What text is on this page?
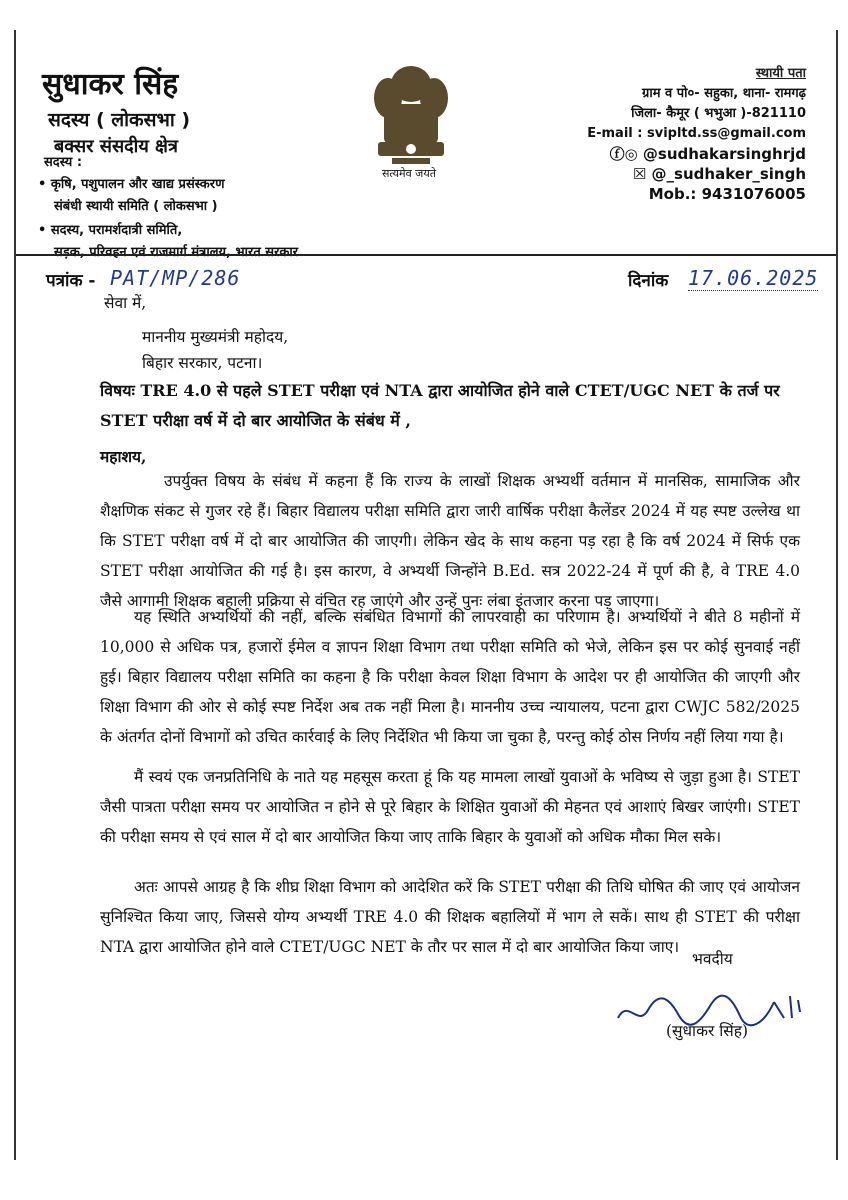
सुधाकर सिंह
सदस्य ( लोकसभा )
बक्सर संसदीय क्षेत्र
सदस्य :
• कृषि, पशुपालन और खाद्य प्रसंस्करण
संबंधी स्थायी समिति ( लोकसभा )
• सदस्य, परामर्शदात्री समिति,
सड़क, परिवहन एवं राजमार्ग मंत्रालय, भारत सरकार
सत्यमेव जयते
स्थायी पता
ग्राम व पो०- सहुका, थाना- रामगढ़
जिला- कैमूर ( भभुआ )-821110
E-mail : svipltd.ss@gmail.com
ⓕ◎ @sudhakarsinghrjd
☒ @_sudhaker_singh
Mob.: 9431076005
पत्रांक - PAT/MP/286	दिनांक 17.06.2025
सेवा में,
माननीय मुख्यमंत्री महोदय,
बिहार सरकार, पटना।
विषयः TRE 4.0 से पहले STET परीक्षा एवं NTA द्वारा आयोजित होने वाले CTET/UGC NET के तर्ज पर STET परीक्षा वर्ष में दो बार आयोजित के संबंध में ,
महाशय,
उपर्युक्त विषय के संबंध में कहना हैं कि राज्य के लाखों शिक्षक अभ्यर्थी वर्तमान में मानसिक, सामाजिक और शैक्षणिक संकट से गुजर रहे हैं। बिहार विद्यालय परीक्षा समिति द्वारा जारी वार्षिक परीक्षा कैलेंडर 2024 में यह स्पष्ट उल्लेख था कि STET परीक्षा वर्ष में दो बार आयोजित की जाएगी। लेकिन खेद के साथ कहना पड़ रहा है कि वर्ष 2024 में सिर्फ एक STET परीक्षा आयोजित की गई है। इस कारण, वे अभ्यर्थी जिन्होंने B.Ed. सत्र 2022-24 में पूर्ण की है, वे TRE 4.0 जैसे आगामी शिक्षक बहाली प्रक्रिया से वंचित रह जाएंगे और उन्हें पुनः लंबा इंतजार करना पड़ जाएगा।
यह स्थिति अभ्यर्थियों की नहीं, बल्कि संबंधित विभागों की लापरवाही का परिणाम है। अभ्यर्थियों ने बीते 8 महीनों में 10,000 से अधिक पत्र, हजारों ईमेल व ज्ञापन शिक्षा विभाग तथा परीक्षा समिति को भेजे, लेकिन इस पर कोई सुनवाई नहीं हुई। बिहार विद्यालय परीक्षा समिति का कहना है कि परीक्षा केवल शिक्षा विभाग के आदेश पर ही आयोजित की जाएगी और शिक्षा विभाग की ओर से कोई स्पष्ट निर्देश अब तक नहीं मिला है। माननीय उच्च न्यायालय, पटना द्वारा CWJC 582/2025 के अंतर्गत दोनों विभागों को उचित कार्रवाई के लिए निर्देशित भी किया जा चुका है, परन्तु कोई ठोस निर्णय नहीं लिया गया है।
मैं स्वयं एक जनप्रतिनिधि के नाते यह महसूस करता हूं कि यह मामला लाखों युवाओं के भविष्य से जुड़ा हुआ है। STET जैसी पात्रता परीक्षा समय पर आयोजित न होने से पूरे बिहार के शिक्षित युवाओं की मेहनत एवं आशाएं बिखर जाएंगी। STET की परीक्षा समय से एवं साल में दो बार आयोजित किया जाए ताकि बिहार के युवाओं को अधिक मौका मिल सके।
अतः आपसे आग्रह है कि शीघ्र शिक्षा विभाग को आदेशित करें कि STET परीक्षा की तिथि घोषित की जाए एवं आयोजन सुनिश्चित किया जाए, जिससे योग्य अभ्यर्थी TRE 4.0 की शिक्षक बहालियों में भाग ले सकें। साथ ही STET की परीक्षा NTA द्वारा आयोजित होने वाले CTET/UGC NET के तौर पर साल में दो बार आयोजित किया जाए।
भवदीय
(सुधाकर सिंह)
